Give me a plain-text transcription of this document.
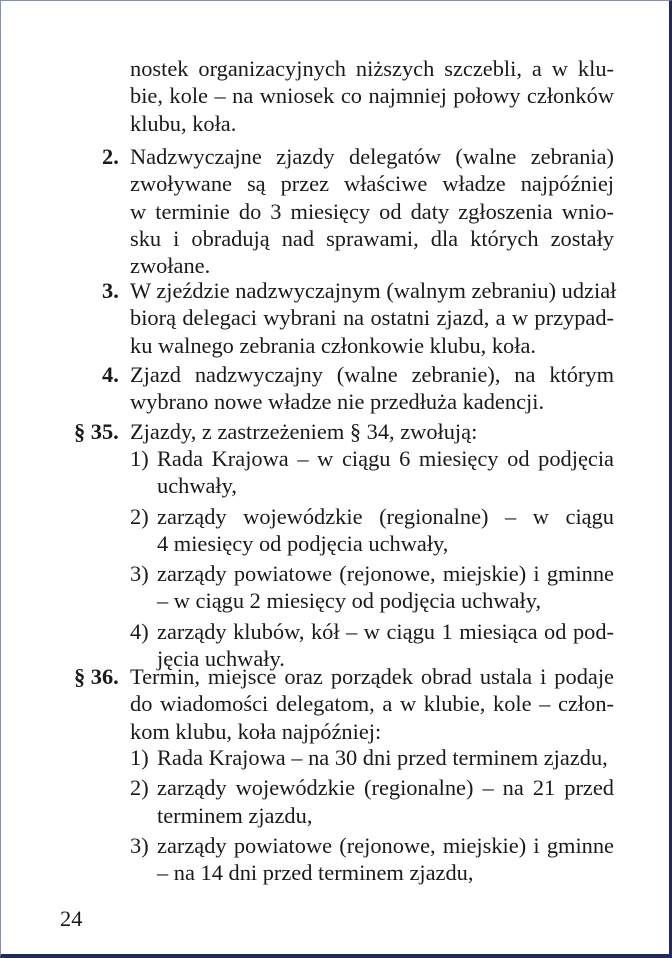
nostek organizacyjnych niższych szczebli, a w klu-
bie, kole – na wniosek co najmniej połowy członków
klubu, koła.
2. Nadzwyczajne zjazdy delegatów (walne zebrania)
zwoływane są przez właściwe władze najpóźniej
w terminie do 3 miesięcy od daty zgłoszenia wnio-
sku i obradują nad sprawami, dla których zostały
zwołane.
3. W zjeździe nadzwyczajnym (walnym zebraniu) udział
biorą delegaci wybrani na ostatni zjazd, a w przypad-
ku walnego zebrania członkowie klubu, koła.
4. Zjazd nadzwyczajny (walne zebranie), na którym
wybrano nowe władze nie przedłuża kadencji.
§ 35. Zjazdy, z zastrzeżeniem § 34, zwołują:
1) Rada Krajowa – w ciągu 6 miesięcy od podjęcia
uchwały,
2) zarządy wojewódzkie (regionalne) – w ciągu
4 miesięcy od podjęcia uchwały,
3) zarządy powiatowe (rejonowe, miejskie) i gminne
– w ciągu 2 miesięcy od podjęcia uchwały,
4) zarządy klubów, kół – w ciągu 1 miesiąca od pod-
jęcia uchwały.
§ 36. Termin, miejsce oraz porządek obrad ustala i podaje
do wiadomości delegatom, a w klubie, kole – człon-
kom klubu, koła najpóźniej:
1) Rada Krajowa – na 30 dni przed terminem zjazdu,
2) zarządy wojewódzkie (regionalne) – na 21 przed
terminem zjazdu,
3) zarządy powiatowe (rejonowe, miejskie) i gminne
– na 14 dni przed terminem zjazdu,
24
